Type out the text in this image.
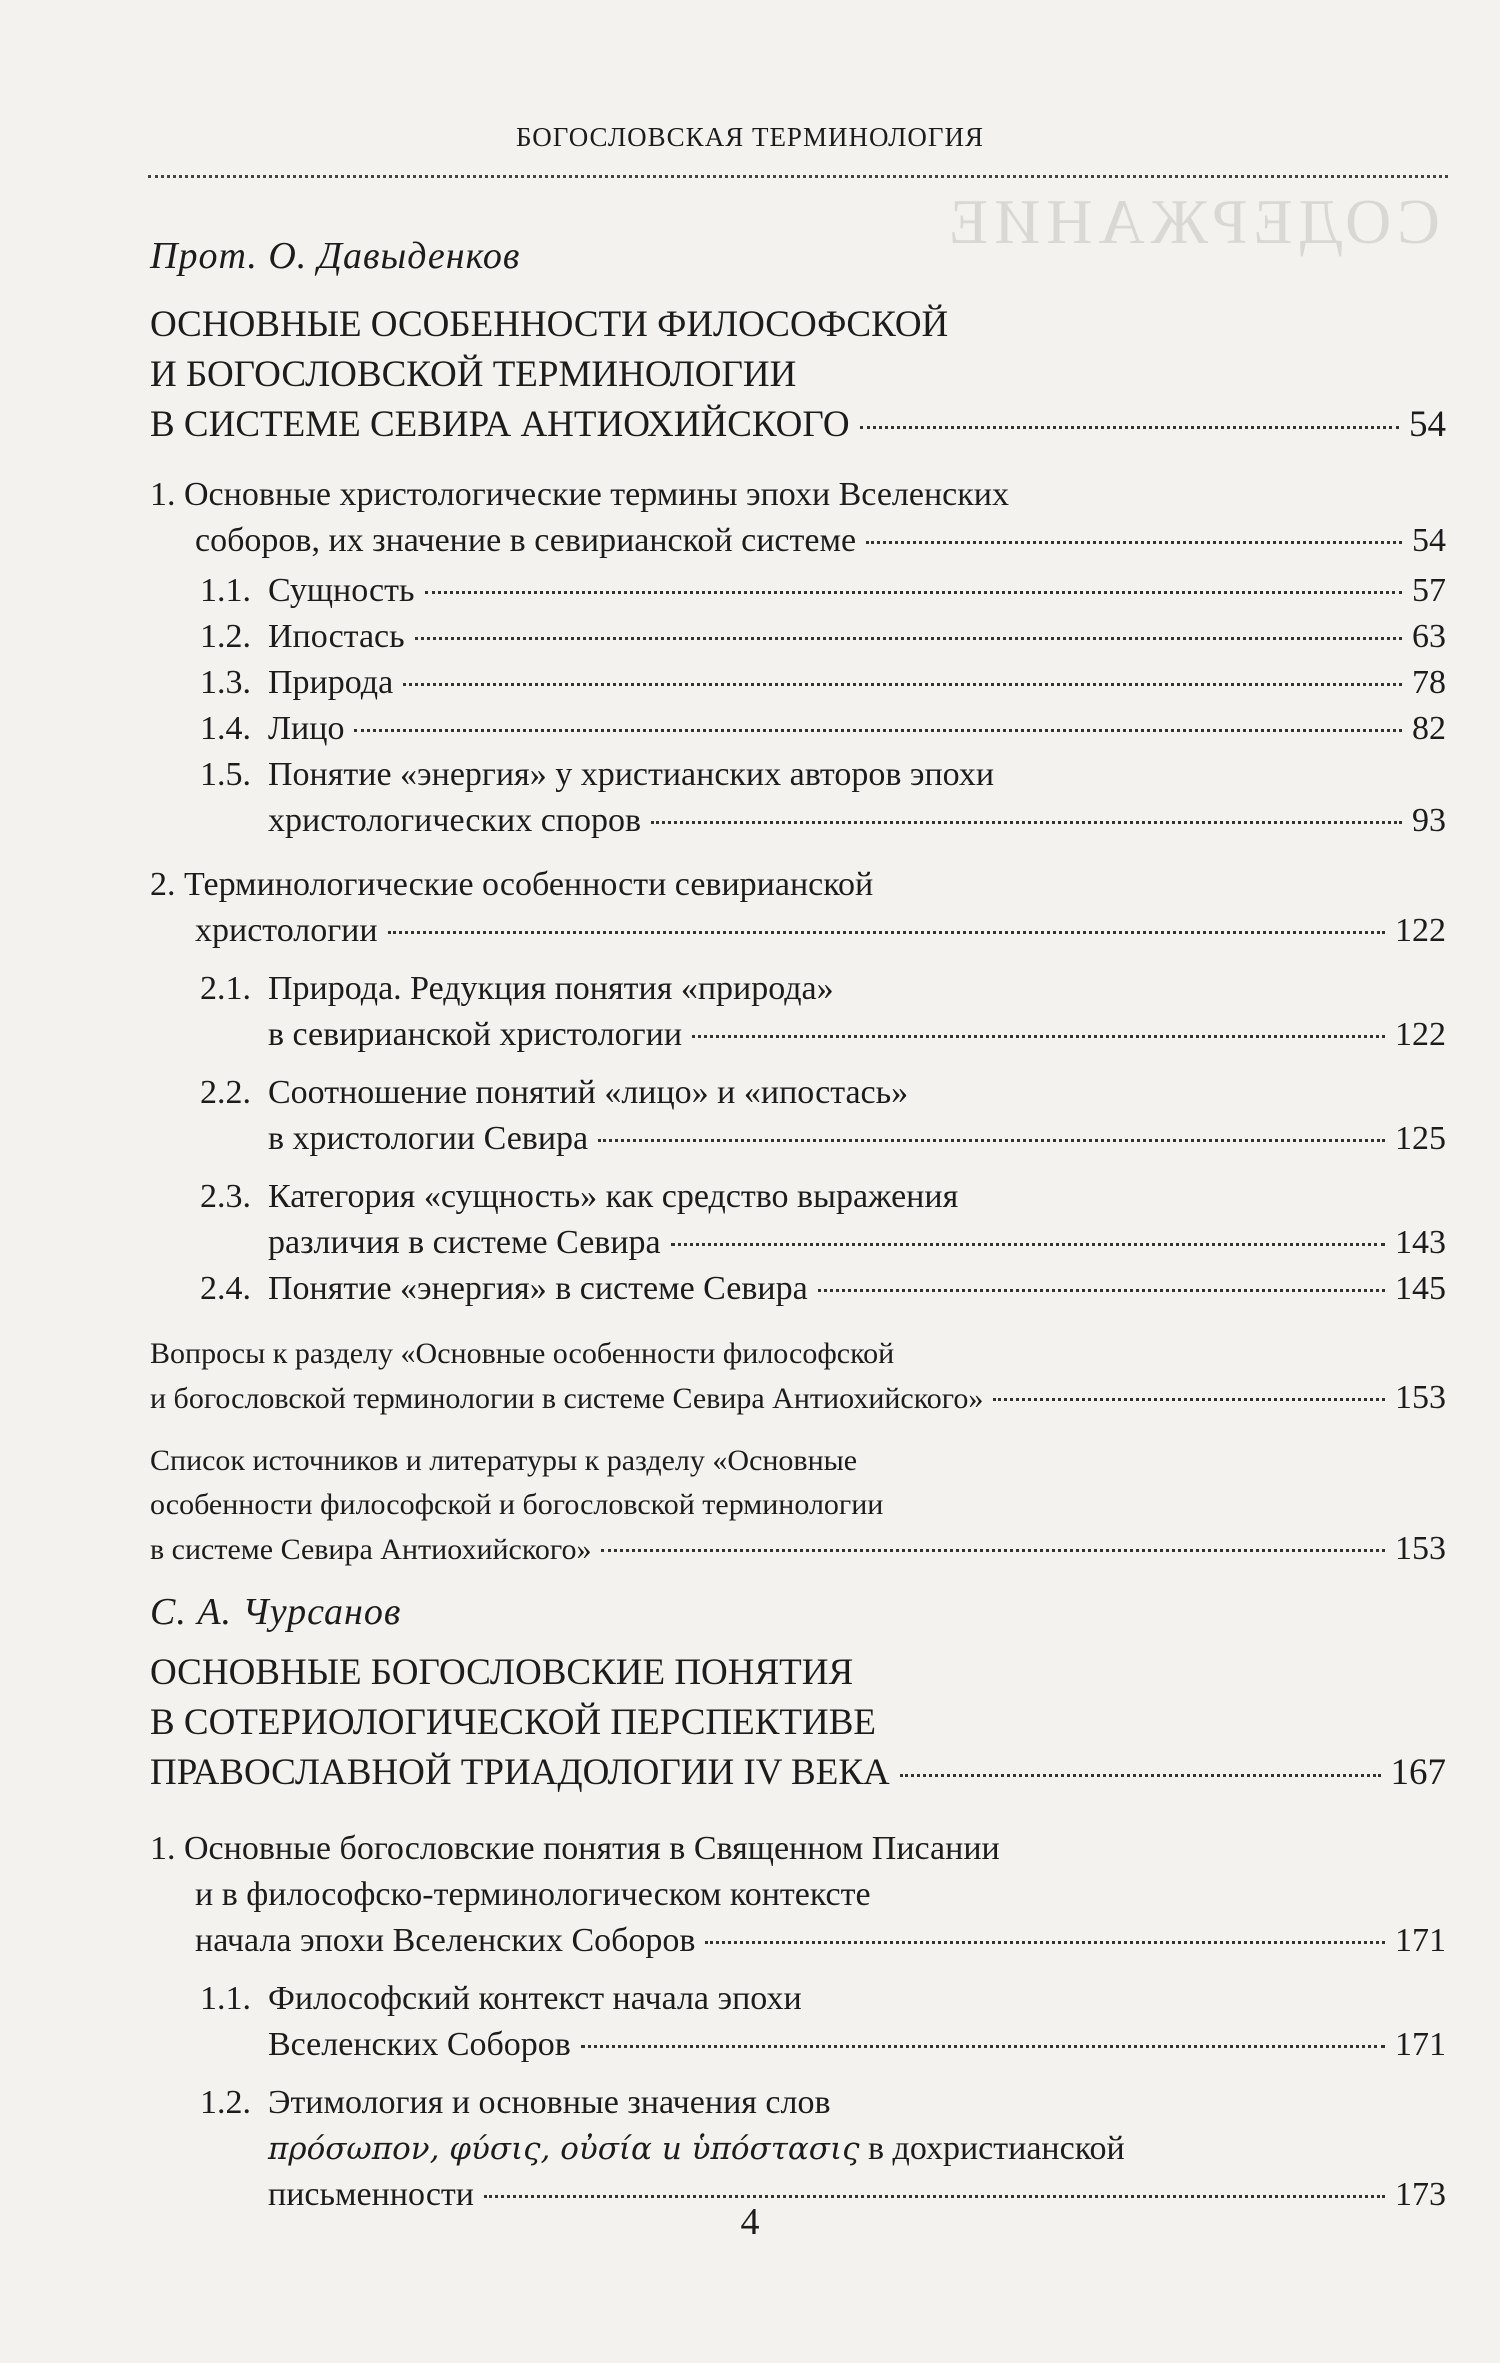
СОДЕРЖАНИЕ
БОГОСЛОВСКАЯ ТЕРМИНОЛОГИЯ

Прот. О. Давыденков

ОСНОВНЫЕ ОСОБЕННОСТИ ФИЛОСОФСКОЙ
И БОГОСЛОВСКОЙ ТЕРМИНОЛОГИИ
В СИСТЕМЕ СЕВИРА АНТИОХИЙСКОГО	54
1. Основные христологические термины эпохи Вселенских
соборов, их значение в севирианской системе	54
1.1. Сущность	57
1.2. Ипостась	63
1.3. Природа	78
1.4. Лицо	82
1.5. Понятие «энергия» у христианских авторов эпохи
христологических споров	93
2. Терминологические особенности севирианской
христологии	122
2.1. Природа. Редукция понятия «природа»
в севирианской христологии	122
2.2. Соотношение понятий «лицо» и «ипостась»
в христологии Севира	125
2.3. Категория «сущность» как средство выражения
различия в системе Севира	143
2.4. Понятие «энергия» в системе Севира	145
Вопросы к разделу «Основные особенности философской
и богословской терминологии в системе Севира Антиохийского»	153
Список источников и литературы к разделу «Основные
особенности философской и богословской терминологии
в системе Севира Антиохийского»	153

С. А. Чурсанов

ОСНОВНЫЕ БОГОСЛОВСКИЕ ПОНЯТИЯ
В СОТЕРИОЛОГИЧЕСКОЙ ПЕРСПЕКТИВЕ
ПРАВОСЛАВНОЙ ТРИАДОЛОГИИ IV ВЕКА	167
1. Основные богословские понятия в Священном Писании
и в философско-терминологическом контексте
начала эпохи Вселенских Соборов	171
1.1. Философский контекст начала эпохи
Вселенских Соборов	171
1.2. Этимология и основные значения слов
πρόσωπον, φύσις, οὐσία и ὑπόστασις в дохристианской
письменности	173
4
